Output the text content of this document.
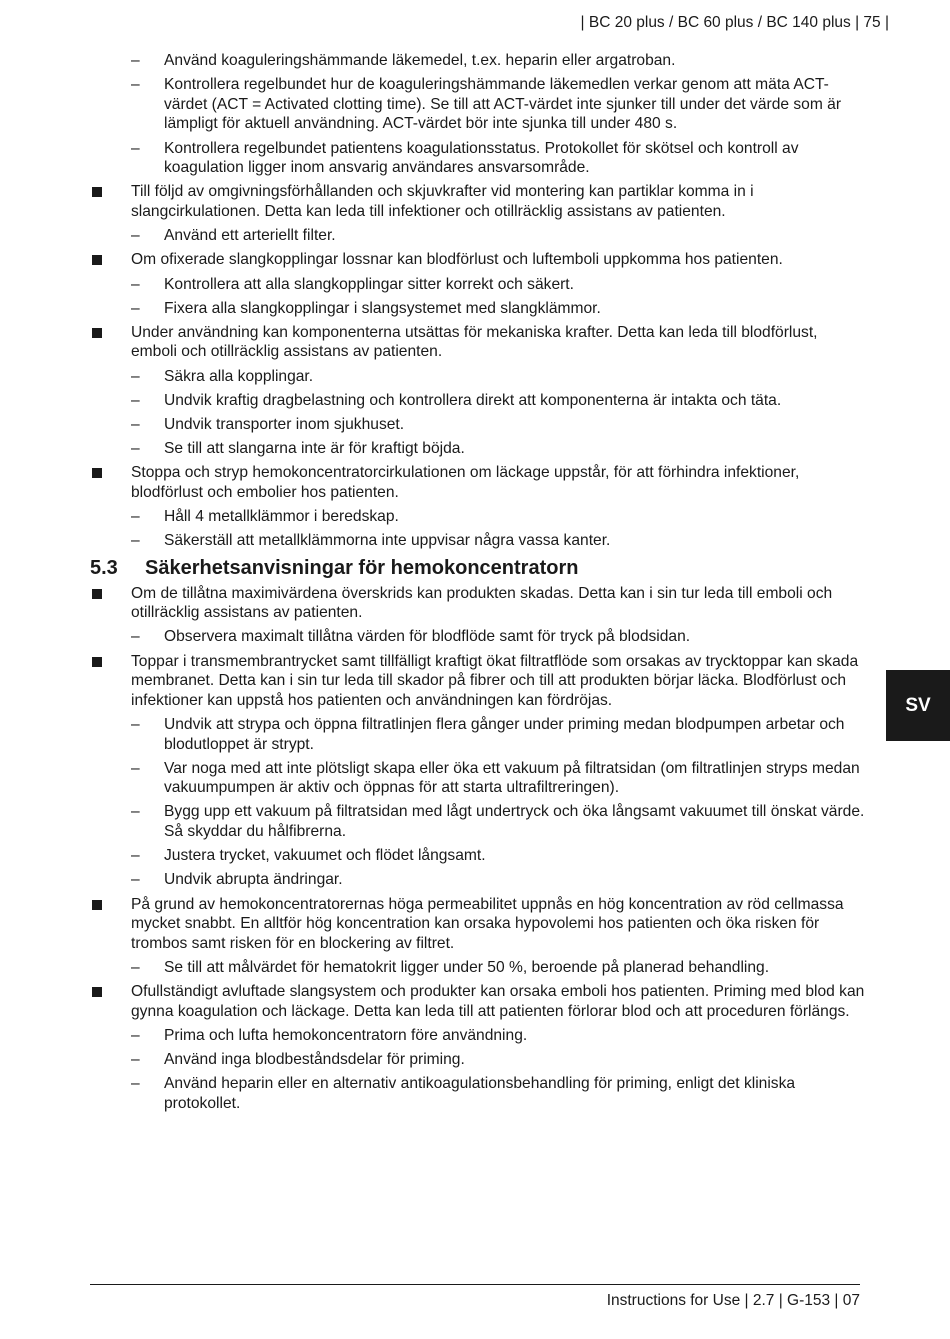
| BC 20 plus / BC 60 plus / BC 140 plus | 75 |
– Använd koaguleringshämmande läkemedel, t.ex. heparin eller argatroban.
– Kontrollera regelbundet hur de koaguleringshämmande läkemedlen verkar genom att mäta ACT-värdet (ACT = Activated clotting time). Se till att ACT-värdet inte sjunker till under det värde som är lämpligt för aktuell användning. ACT-värdet bör inte sjunka till under 480 s.
– Kontrollera regelbundet patientens koagulationsstatus. Protokollet för skötsel och kontroll av koagulation ligger inom ansvarig användares ansvarsområde.
Till följd av omgivningsförhållanden och skjuvkrafter vid montering kan partiklar komma in i slangcirkulationen. Detta kan leda till infektioner och otillräcklig assistans av patienten.
– Använd ett arteriellt filter.
Om ofixerade slangkopplingar lossnar kan blodförlust och luftemboli uppkomma hos patienten.
– Kontrollera att alla slangkopplingar sitter korrekt och säkert.
– Fixera alla slangkopplingar i slangsystemet med slangklämmor.
Under användning kan komponenterna utsättas för mekaniska krafter. Detta kan leda till blodförlust, emboli och otillräcklig assistans av patienten.
– Säkra alla kopplingar.
– Undvik kraftig dragbelastning och kontrollera direkt att komponenterna är intakta och täta.
– Undvik transporter inom sjukhuset.
– Se till att slangarna inte är för kraftigt böjda.
Stoppa och stryp hemokoncentratorcirkulationen om läckage uppstår, för att förhindra infektioner, blodförlust och embolier hos patienten.
– Håll 4 metallklämmor i beredskap.
– Säkerställ att metallklämmorna inte uppvisar några vassa kanter.
5.3 Säkerhetsanvisningar för hemokoncentratorn
Om de tillåtna maximivärdena överskrids kan produkten skadas. Detta kan i sin tur leda till emboli och otillräcklig assistans av patienten.
– Observera maximalt tillåtna värden för blodflöde samt för tryck på blodsidan.
Toppar i transmembrantrycket samt tillfälligt kraftigt ökat filtratflöde som orsakas av trycktoppar kan skada membranet. Detta kan i sin tur leda till skador på fibrer och till att produkten börjar läcka. Blodförlust och infektioner kan uppstå hos patienten och användningen kan fördröjas.
– Undvik att strypa och öppna filtratlinjen flera gånger under priming medan blodpumpen arbetar och blodutloppet är strypt.
– Var noga med att inte plötsligt skapa eller öka ett vakuum på filtratsidan (om filtratlinjen stryps medan vakuumpumpen är aktiv och öppnas för att starta ultrafiltreringen).
– Bygg upp ett vakuum på filtratsidan med lågt undertryck och öka långsamt vakuumet till önskat värde. Så skyddar du hålfibrerna.
– Justera trycket, vakuumet och flödet långsamt.
– Undvik abrupta ändringar.
På grund av hemokoncentratorernas höga permeabilitet uppnås en hög koncentration av röd cellmassa mycket snabbt. En alltför hög koncentration kan orsaka hypovolemi hos patienten och öka risken för trombos samt risken för en blockering av filtret.
– Se till att målvärdet för hematokrit ligger under 50 %, beroende på planerad behandling.
Ofullständigt avluftade slangsystem och produkter kan orsaka emboli hos patienten. Priming med blod kan gynna koagulation och läckage. Detta kan leda till att patienten förlorar blod och att proceduren förlängs.
– Prima och lufta hemokoncentratorn före användning.
– Använd inga blodbeståndsdelar för priming.
– Använd heparin eller en alternativ antikoagulationsbehandling för priming, enligt det kliniska protokollet.
SV
Instructions for Use | 2.7 | G-153 | 07
